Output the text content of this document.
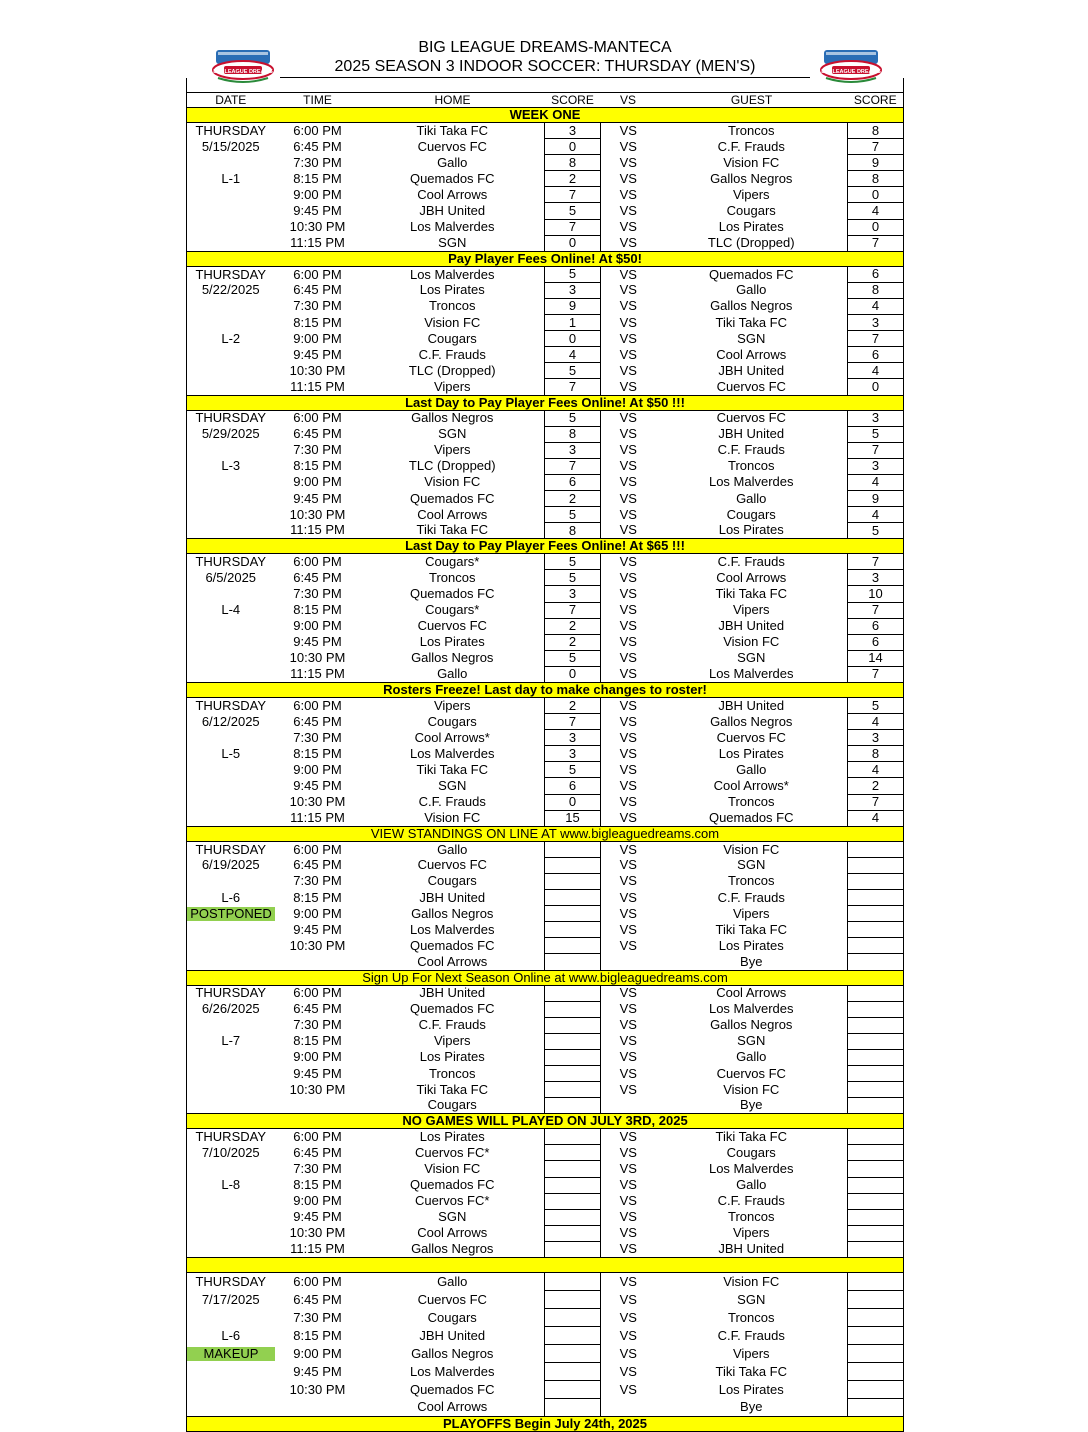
BIG LEAGUE DREAMS	BIG LEAGUE DREAMS
BIG LEAGUE DREAMS-MANTECA
2025 SEASON 3 INDOOR SOCCER: THURSDAY (MEN'S)

DATE	TIME	HOME	SCORE	VS	GUEST	SCORE
WEEK ONE						
THURSDAY	6:00 PM	Tiki Taka FC	3	VS	Troncos	8
5/15/2025	6:45 PM	Cuervos FC	0	VS	C.F. Frauds	7
	7:30 PM	Gallo	8	VS	Vision FC	9
L-1	8:15 PM	Quemados FC	2	VS	Gallos Negros	8
	9:00 PM	Cool Arrows	7	VS	Vipers	0
	9:45 PM	JBH United	5	VS	Cougars	4
	10:30 PM	Los Malverdes	7	VS	Los Pirates	0
	11:15 PM	SGN	0	VS	TLC (Dropped)	7
Pay Player Fees Online! At $50!						
THURSDAY	6:00 PM	Los Malverdes	5	VS	Quemados FC	6
5/22/2025	6:45 PM	Los Pirates	3	VS	Gallo	8
	7:30 PM	Troncos	9	VS	Gallos Negros	4
	8:15 PM	Vision FC	1	VS	Tiki Taka FC	3
L-2	9:00 PM	Cougars	0	VS	SGN	7
	9:45 PM	C.F. Frauds	4	VS	Cool Arrows	6
	10:30 PM	TLC (Dropped)	5	VS	JBH United	4
	11:15 PM	Vipers	7	VS	Cuervos FC	0
Last Day to Pay Player Fees Online! At $50 !!!						
THURSDAY	6:00 PM	Gallos Negros	5	VS	Cuervos FC	3
5/29/2025	6:45 PM	SGN	8	VS	JBH United	5
	7:30 PM	Vipers	3	VS	C.F. Frauds	7
L-3	8:15 PM	TLC (Dropped)	7	VS	Troncos	3
	9:00 PM	Vision FC	6	VS	Los Malverdes	4
	9:45 PM	Quemados FC	2	VS	Gallo	9
	10:30 PM	Cool Arrows	5	VS	Cougars	4
	11:15 PM	Tiki Taka FC	8	VS	Los Pirates	5
Last Day to Pay Player Fees Online! At $65 !!!						
THURSDAY	6:00 PM	Cougars*	5	VS	C.F. Frauds	7
6/5/2025	6:45 PM	Troncos	5	VS	Cool Arrows	3
	7:30 PM	Quemados FC	3	VS	Tiki Taka FC	10
L-4	8:15 PM	Cougars*	7	VS	Vipers	7
	9:00 PM	Cuervos FC	2	VS	JBH United	6
	9:45 PM	Los Pirates	2	VS	Vision FC	6
	10:30 PM	Gallos Negros	5	VS	SGN	14
	11:15 PM	Gallo	0	VS	Los Malverdes	7
Rosters Freeze! Last day to make changes to roster!						
THURSDAY	6:00 PM	Vipers	2	VS	JBH United	5
6/12/2025	6:45 PM	Cougars	7	VS	Gallos Negros	4
	7:30 PM	Cool Arrows*	3	VS	Cuervos FC	3
L-5	8:15 PM	Los Malverdes	3	VS	Los Pirates	8
	9:00 PM	Tiki Taka FC	5	VS	Gallo	4
	9:45 PM	SGN	6	VS	Cool Arrows*	2
	10:30 PM	C.F. Frauds	0	VS	Troncos	7
	11:15 PM	Vision FC	15	VS	Quemados FC	4
VIEW STANDINGS ON LINE AT www.bigleaguedreams.com						
THURSDAY	6:00 PM	Gallo		VS	Vision FC	
6/19/2025	6:45 PM	Cuervos FC		VS	SGN	
	7:30 PM	Cougars		VS	Troncos	
L-6	8:15 PM	JBH United		VS	C.F. Frauds	
POSTPONED	9:00 PM	Gallos Negros		VS	Vipers	
	9:45 PM	Los Malverdes		VS	Tiki Taka FC	
	10:30 PM	Quemados FC		VS	Los Pirates	
		Cool Arrows			Bye	
Sign Up For Next Season Online at www.bigleaguedreams.com						
THURSDAY	6:00 PM	JBH United		VS	Cool Arrows	
6/26/2025	6:45 PM	Quemados FC		VS	Los Malverdes	
	7:30 PM	C.F. Frauds		VS	Gallos Negros	
L-7	8:15 PM	Vipers		VS	SGN	
	9:00 PM	Los Pirates		VS	Gallo	
	9:45 PM	Troncos		VS	Cuervos FC	
	10:30 PM	Tiki Taka FC		VS	Vision FC	
		Cougars			Bye	
NO GAMES WILL PLAYED ON JULY 3RD, 2025						
THURSDAY	6:00 PM	Los Pirates		VS	Tiki Taka FC	
7/10/2025	6:45 PM	Cuervos FC*		VS	Cougars	
	7:30 PM	Vision FC		VS	Los Malverdes	
L-8	8:15 PM	Quemados FC		VS	Gallo	
	9:00 PM	Cuervos FC*		VS	C.F. Frauds	
	9:45 PM	SGN		VS	Troncos	
	10:30 PM	Cool Arrows		VS	Vipers	
	11:15 PM	Gallos Negros		VS	JBH United	

THURSDAY	6:00 PM	Gallo		VS	Vision FC	
7/17/2025	6:45 PM	Cuervos FC		VS	SGN	
	7:30 PM	Cougars		VS	Troncos	
L-6	8:15 PM	JBH United		VS	C.F. Frauds	
MAKEUP	9:00 PM	Gallos Negros		VS	Vipers	
	9:45 PM	Los Malverdes		VS	Tiki Taka FC	
	10:30 PM	Quemados FC		VS	Los Pirates	
		Cool Arrows			Bye	
PLAYOFFS Begin July 24th, 2025						
